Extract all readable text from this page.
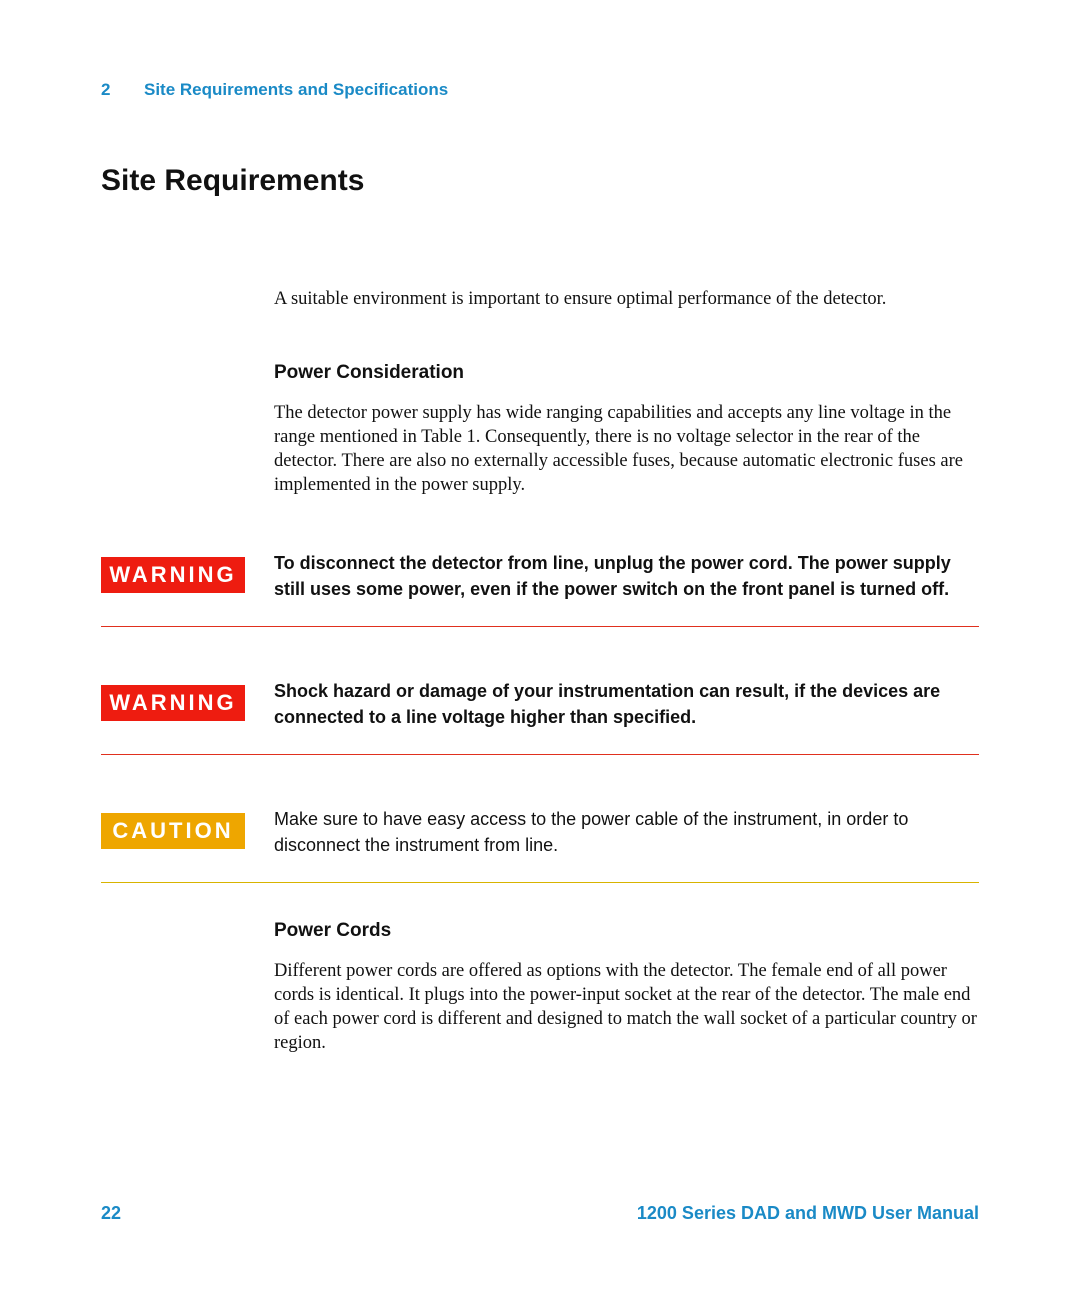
2	Site Requirements and Specifications
Site Requirements

A suitable environment is important to ensure optimal performance of the detector.

Power Consideration

The detector power supply has wide ranging capabilities and accepts any line voltage in the range mentioned in Table 1. Consequently, there is no voltage selector in the rear of the detector. There are also no externally accessible fuses, because automatic electronic fuses are implemented in the power supply.

WARNING	To disconnect the detector from line, unplug the power cord. The power supply still uses some power, even if the power switch on the front panel is turned off.

WARNING	Shock hazard or damage of your instrumentation can result, if the devices are connected to a line voltage higher than specified.

CAUTION	Make sure to have easy access to the power cable of the instrument, in order to disconnect the instrument from line.

Power Cords

Different power cords are offered as options with the detector. The female end of all power cords is identical. It plugs into the power-input socket at the rear of the detector. The male end of each power cord is different and designed to match the wall socket of a particular country or region.

22	1200 Series DAD and MWD User Manual
